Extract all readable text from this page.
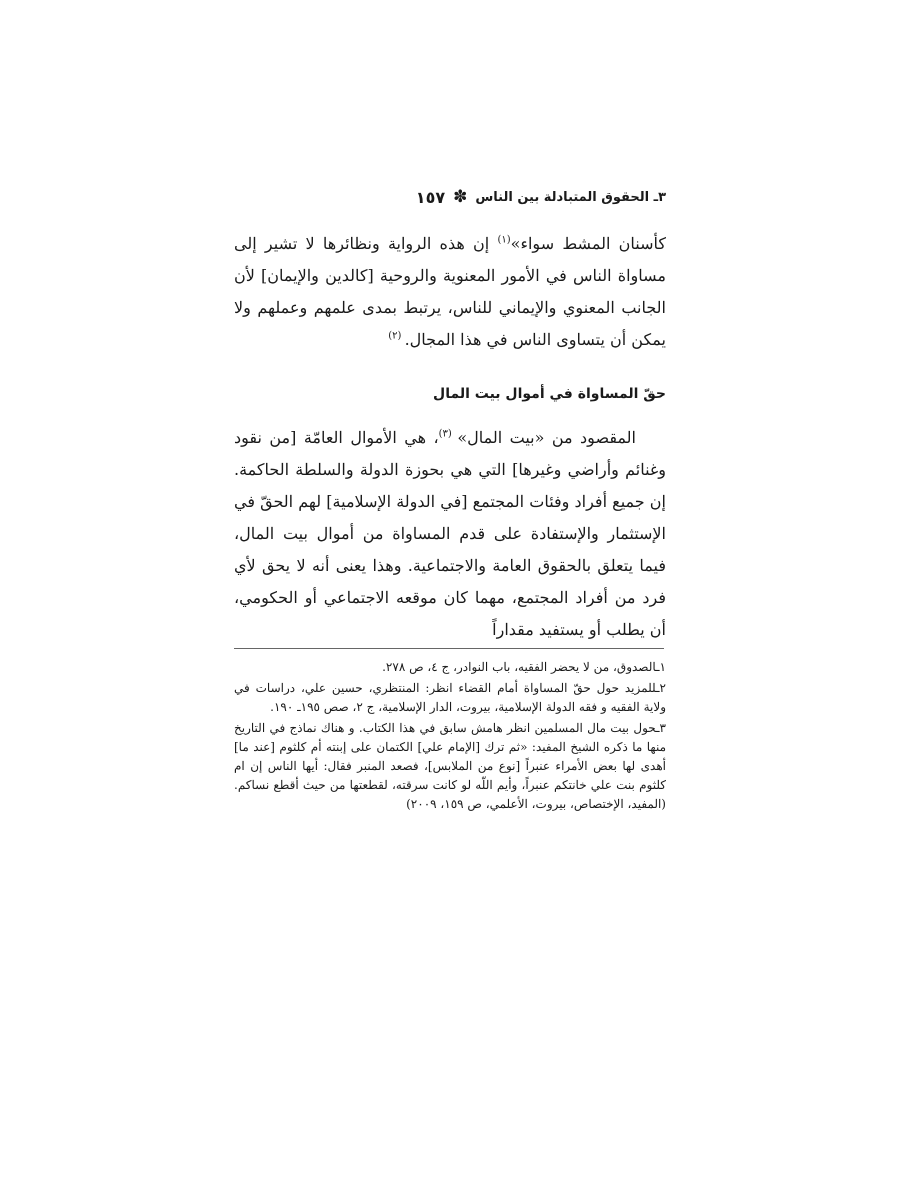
٣ـ الحقوق المتبادلة بين الناس
✽
١٥٧

كأسنان المشط سواء»$^{(١)}$ إن هذه الرواية ونظائرها لا تشير إلى مساواة الناس في الأمور المعنوية والروحية [كالدين والإيمان] لأن الجانب المعنوي والإيماني للناس، يرتبط بمدى علمهم وعملهم ولا يمكن أن يتساوى الناس في هذا المجال. $^{(٢)}$

حقّ المساواة في أموال بيت المال

المقصود من «بيت المال» $^{(٣)}$، هي الأموال العامّة [من نقود وغنائم وأراضي وغيرها] التي هي بحوزة الدولة والسلطة الحاكمة. إن جميع أفراد وفئات المجتمع [في الدولة الإسلامية] لهم الحقّ في الإستثمار والإستفادة على قدم المساواة من أموال بيت المال، فيما يتعلق بالحقوق العامة والاجتماعية. وهذا يعنى أنه لا يحق لأي فرد من أفراد المجتمع، مهما كان موقعه الاجتماعي أو الحكومي، أن يطلب أو يستفيد مقداراً

١ـالصدوق، من لا يحضر الفقيه، باب النوادر، ج ٤، ص ٢٧٨.
٢ـللمزيد حول حقّ المساواة أمام القضاء انظر: المنتظري، حسين علي، دراسات في ولاية الفقيه و فقه الدولة الإسلامية، بيروت، الدار الإسلامية، ج ٢، صص ١٩٥ـ ١٩٠.
٣ـحول بيت مال المسلمين انظر هامش سابق في هذا الكتاب. و هناك نماذج في التاريخ منها ما ذكره الشيخ المفيد: «ثم ترك [الإمام علي] الكتمان على إبنته أم كلثوم [عند ما] أهدى لها بعض الأمراء عنبراً [نوع من الملابس]، فصعد المنبر فقال: أيها الناس إن ام كلثوم بنت علي خانتكم عنبراً، وأيم اللّه لو كانت سرقته، لقطعتها من حيث أقطع نساكم. (المفيد، الإختصاص، بيروت، الأعلمي، ص ١٥٩، ٢٠٠٩)
